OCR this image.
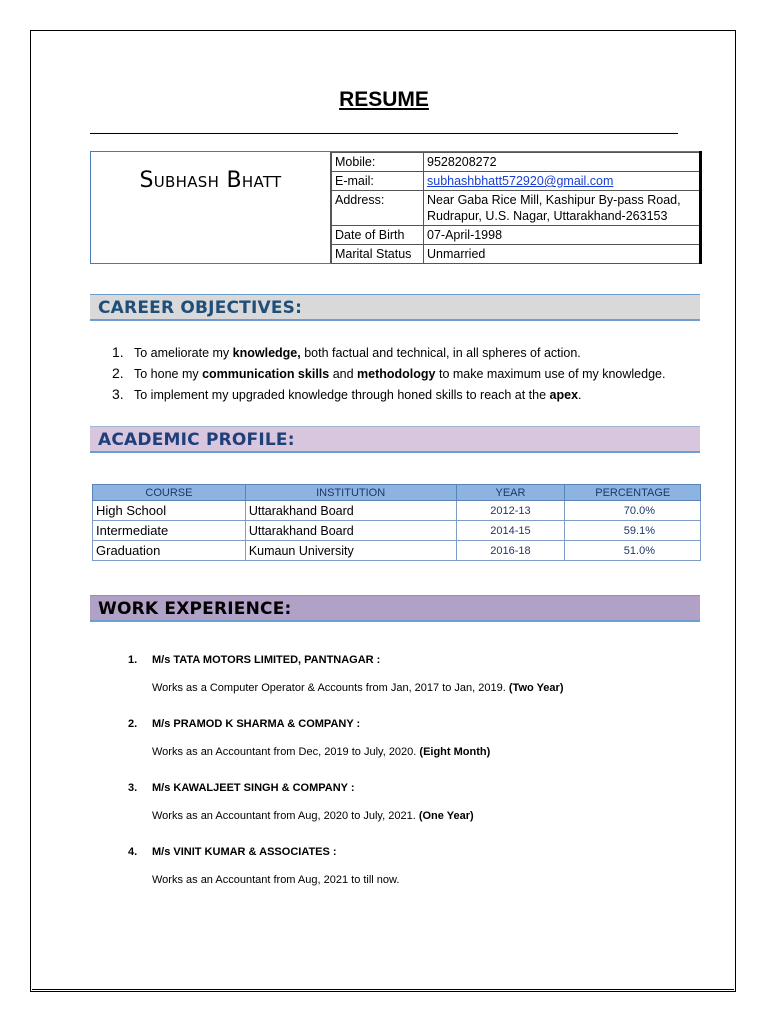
RESUME
Subhash Bhatt
Mobile:	9528208272
E-mail:	subhashbhatt572920@gmail.com
Address:	Near Gaba Rice Mill, Kashipur By-pass Road,
Rudrapur, U.S. Nagar, Uttarakhand-263153
Date of Birth	07-April-1998
Marital Status	Unmarried
CAREER OBJECTIVES:
1. To ameliorate my knowledge, both factual and technical, in all spheres of action.
2. To hone my communication skills and methodology to make maximum use of my knowledge.
3. To implement my upgraded knowledge through honed skills to reach at the apex.
ACADEMIC PROFILE:
COURSE	INSTITUTION	YEAR	PERCENTAGE
High School	Uttarakhand Board	2012-13	70.0%
Intermediate	Uttarakhand Board	2014-15	59.1%
Graduation	Kumaun University	2016-18	51.0%
WORK EXPERIENCE:
1. M/s TATA MOTORS LIMITED, PANTNAGAR :
Works as a Computer Operator & Accounts from Jan, 2017 to Jan, 2019. (Two Year)
2. M/s PRAMOD K SHARMA & COMPANY :
Works as an Accountant from Dec, 2019 to July, 2020. (Eight Month)
3. M/s KAWALJEET SINGH & COMPANY :
Works as an Accountant from Aug, 2020 to July, 2021. (One Year)
4. M/s VINIT KUMAR & ASSOCIATES :
Works as an Accountant from Aug, 2021 to till now.
